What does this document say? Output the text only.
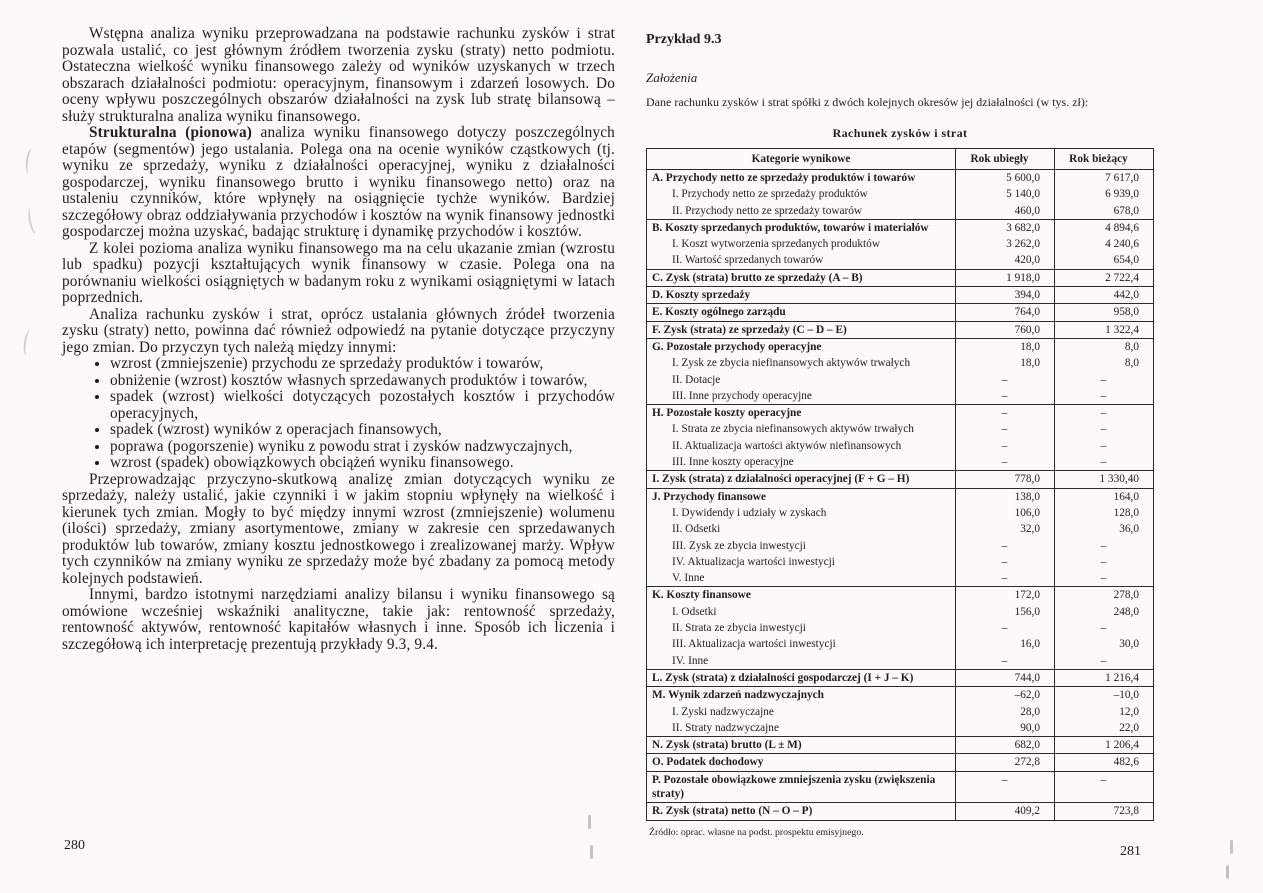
Wstępna analiza wyniku przeprowadzana na podstawie rachunku zysków i strat pozwala ustalić, co jest głównym źródłem tworzenia zysku (straty) netto podmiotu. Ostateczna wielkość wyniku finansowego zależy od wyników uzyskanych w trzech obszarach działalności podmiotu: operacyjnym, finansowym i zdarzeń losowych. Do oceny wpływu poszczególnych obszarów działalności na zysk lub stratę bilansową – służy strukturalna analiza wyniku finansowego.

Strukturalna (pionowa) analiza wyniku finansowego dotyczy poszczególnych etapów (segmentów) jego ustalania. Polega ona na ocenie wyników cząstkowych (tj. wyniku ze sprzedaży, wyniku z działalności operacyjnej, wyniku z działalności gospodarczej, wyniku finansowego brutto i wyniku finansowego netto) oraz na ustaleniu czynników, które wpłynęły na osiągnięcie tychże wyników. Bardziej szczegółowy obraz oddziaływania przychodów i kosztów na wynik finansowy jednostki gospodarczej można uzyskać, badając strukturę i dynamikę przychodów i kosztów.

Z kolei pozioma analiza wyniku finansowego ma na celu ukazanie zmian (wzrostu lub spadku) pozycji kształtujących wynik finansowy w czasie. Polega ona na porównaniu wielkości osiągniętych w badanym roku z wynikami osiągniętymi w latach poprzednich.

Analiza rachunku zysków i strat, oprócz ustalania głównych źródeł tworzenia zysku (straty) netto, powinna dać również odpowiedź na pytanie dotyczące przyczyny jego zmian. Do przyczyn tych należą między innymi:

• wzrost (zmniejszenie) przychodu ze sprzedaży produktów i towarów,
• obniżenie (wzrost) kosztów własnych sprzedawanych produktów i towarów,
• spadek (wzrost) wielkości dotyczących pozostałych kosztów i przychodów operacyjnych,
• spadek (wzrost) wyników z operacjach finansowych,
• poprawa (pogorszenie) wyniku z powodu strat i zysków nadzwyczajnych,
• wzrost (spadek) obowiązkowych obciążeń wyniku finansowego.

Przeprowadzając przyczyno-skutkową analizę zmian dotyczących wyniku ze sprzedaży, należy ustalić, jakie czynniki i w jakim stopniu wpłynęły na wielkość i kierunek tych zmian. Mogły to być między innymi wzrost (zmniejszenie) wolumenu (ilości) sprzedaży, zmiany asortymentowe, zmiany w zakresie cen sprzedawanych produktów lub towarów, zmiany kosztu jednostkowego i zrealizowanej marży. Wpływ tych czynników na zmiany wyniku ze sprzedaży może być zbadany za pomocą metody kolejnych podstawień.

Innymi, bardzo istotnymi narzędziami analizy bilansu i wyniku finansowego są omówione wcześniej wskaźniki analityczne, takie jak: rentowność sprzedaży, rentowność aktywów, rentowność kapitałów własnych i inne. Sposób ich liczenia i szczegółową ich interpretację prezentują przykłady 9.3, 9.4.

280

Przykład 9.3

Założenia

Dane rachunku zysków i strat spółki z dwóch kolejnych okresów jej działalności (w tys. zł):

Rachunek zysków i strat

Kategorie wynikowe	Rok ubiegły	Rok bieżący
A. Przychody netto ze sprzedaży produktów i towarów	5 600,0	7 617,0
I. Przychody netto ze sprzedaży produktów	5 140,0	6 939,0
II. Przychody netto ze sprzedaży towarów	460,0	678,0
B. Koszty sprzedanych produktów, towarów i materiałów	3 682,0	4 894,6
I. Koszt wytworzenia sprzedanych produktów	3 262,0	4 240,6
II. Wartość sprzedanych towarów	420,0	654,0
C. Zysk (strata) brutto ze sprzedaży (A – B)	1 918,0	2 722,4
D. Koszty sprzedaży	394,0	442,0
E. Koszty ogólnego zarządu	764,0	958,0
F. Zysk (strata) ze sprzedaży (C – D – E)	760,0	1 322,4
G. Pozostałe przychody operacyjne	18,0	8,0
I. Zysk ze zbycia niefinansowych aktywów trwałych	18,0	8,0
II. Dotacje	–	–
III. Inne przychody operacyjne	–	–
H. Pozostałe koszty operacyjne	–	–
I. Strata ze zbycia niefinansowych aktywów trwałych	–	–
II. Aktualizacja wartości aktywów niefinansowych	–	–
III. Inne koszty operacyjne	–	–
I. Zysk (strata) z działalności operacyjnej (F + G – H)	778,0	1 330,40
J. Przychody finansowe	138,0	164,0
I. Dywidendy i udziały w zyskach	106,0	128,0
II. Odsetki	32,0	36,0
III. Zysk ze zbycia inwestycji	–	–
IV. Aktualizacja wartości inwestycji	–	–
V. Inne	–	–
K. Koszty finansowe	172,0	278,0
I. Odsetki	156,0	248,0
II. Strata ze zbycia inwestycji	–	–
III. Aktualizacja wartości inwestycji	16,0	30,0
IV. Inne	–	–
L. Zysk (strata) z działalności gospodarczej (I + J – K)	744,0	1 216,4
M. Wynik zdarzeń nadzwyczajnych	–62,0	–10,0
I. Zyski nadzwyczajne	28,0	12,0
II. Straty nadzwyczajne	90,0	22,0
N. Zysk (strata) brutto (L ± M)	682,0	1 206,4
O. Podatek dochodowy	272,8	482,6
P. Pozostałe obowiązkowe zmniejszenia zysku (zwiększenia straty)	–	–
R. Zysk (strata) netto (N – O – P)	409,2	723,8

Źródło: oprac. własne na podst. prospektu emisyjnego.

281
